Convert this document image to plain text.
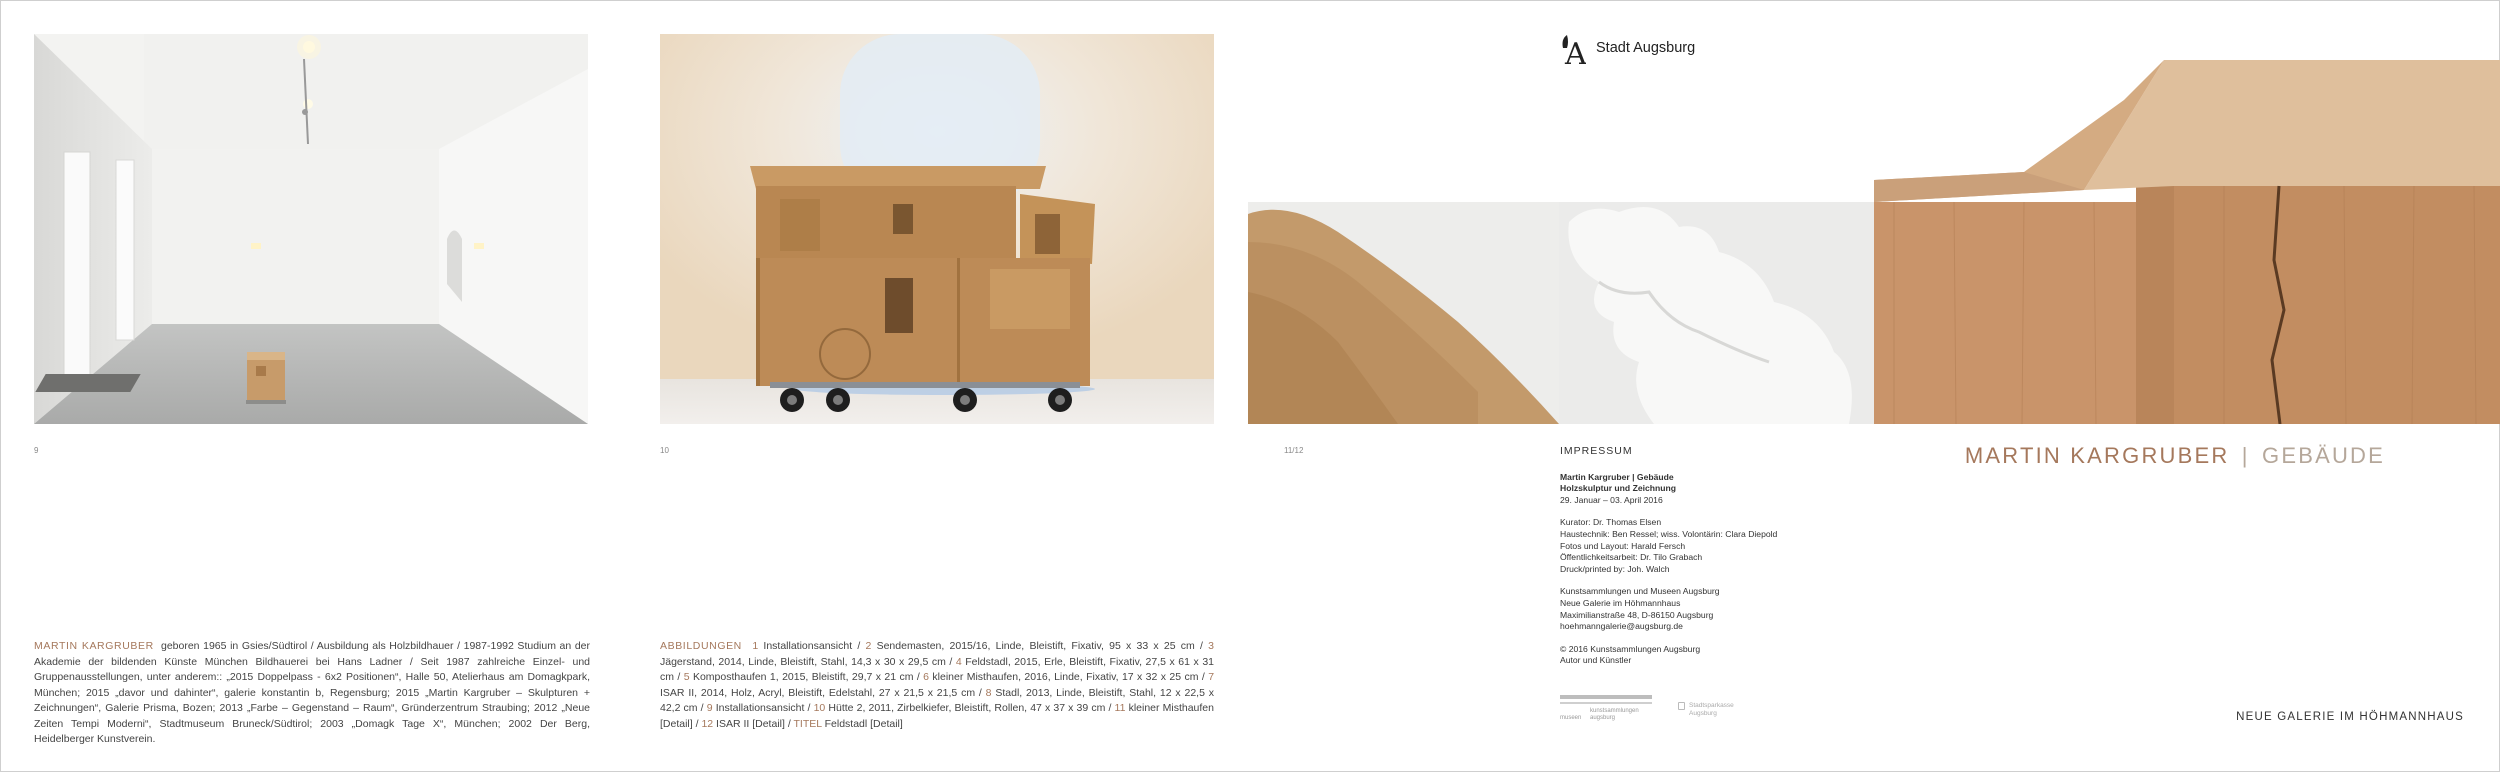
9	10
A Stadt Augsburg
11/12	MARTIN KARGRUBER | GEBÄUDE
IMPRESSUM
Martin Kargruber | Gebäude
Holzskulptur und Zeichnung
29. Januar – 03. April 2016
Kurator: Dr. Thomas Elsen
Haustechnik: Ben Ressel; wiss. Volontärin: Clara Diepold
Fotos und Layout: Harald Fersch
Öffentlichkeitsarbeit: Dr. Tilo Grabach
Druck/printed by: Joh. Walch
Kunstsammlungen und Museen Augsburg
Neue Galerie im Höhmannhaus
Maximilianstraße 48, D-86150 Augsburg
hoehmanngalerie@augsburg.de
© 2016 Kunstsammlungen Augsburg
Autor und Künstler
museen
kunstsammlungen
augsburg
Stadtsparkasse
Augsburg	NEUE GALERIE IM HÖHMANNHAUS
MARTIN KARGRUBER geboren 1965 in Gsies/Südtirol / Ausbildung als Holzbildhauer / 1987-1992 Studium an der Akademie der bildenden Künste München Bildhauerei bei Hans Ladner / Seit 1987 zahlreiche Einzel- und Gruppenausstellungen, unter anderem:: „2015 Doppelpass - 6x2 Positionen“, Halle 50, Atelierhaus am Domagkpark, München; 2015 „davor und dahinter“, galerie konstantin b, Regensburg; 2015 „Martin Kargruber – Skulpturen + Zeichnungen“, Galerie Prisma, Bozen; 2013 „Farbe – Gegenstand – Raum“, Gründerzentrum Straubing; 2012 „Neue Zeiten Tempi Moderni“, Stadtmuseum Bruneck/Südtirol; 2003 „Domagk Tage X“, München; 2002 Der Berg, Heidelberger Kunstverein.
ABBILDUNGEN 1 Installationsansicht / 2 Sendemasten, 2015/16, Linde, Bleistift, Fixativ, 95 x 33 x 25 cm / 3 Jägerstand, 2014, Linde, Bleistift, Stahl, 14,3 x 30 x 29,5 cm / 4 Feldstadl, 2015, Erle, Bleistift, Fixativ, 27,5 x 61 x 31 cm / 5 Komposthaufen 1, 2015, Bleistift, 29,7 x 21 cm / 6 kleiner Misthaufen, 2016, Linde, Fixativ, 17 x 32 x 25 cm / 7 ISAR II, 2014, Holz, Acryl, Bleistift, Edelstahl, 27 x 21,5 x 21,5 cm / 8 Stadl, 2013, Linde, Bleistift, Stahl, 12 x 22,5 x 42,2 cm / 9 Installationsansicht / 10 Hütte 2, 2011, Zirbelkiefer, Bleistift, Rollen, 47 x 37 x 39 cm / 11 kleiner Misthaufen [Detail] / 12 ISAR II [Detail] / TITEL Feldstadl [Detail]
